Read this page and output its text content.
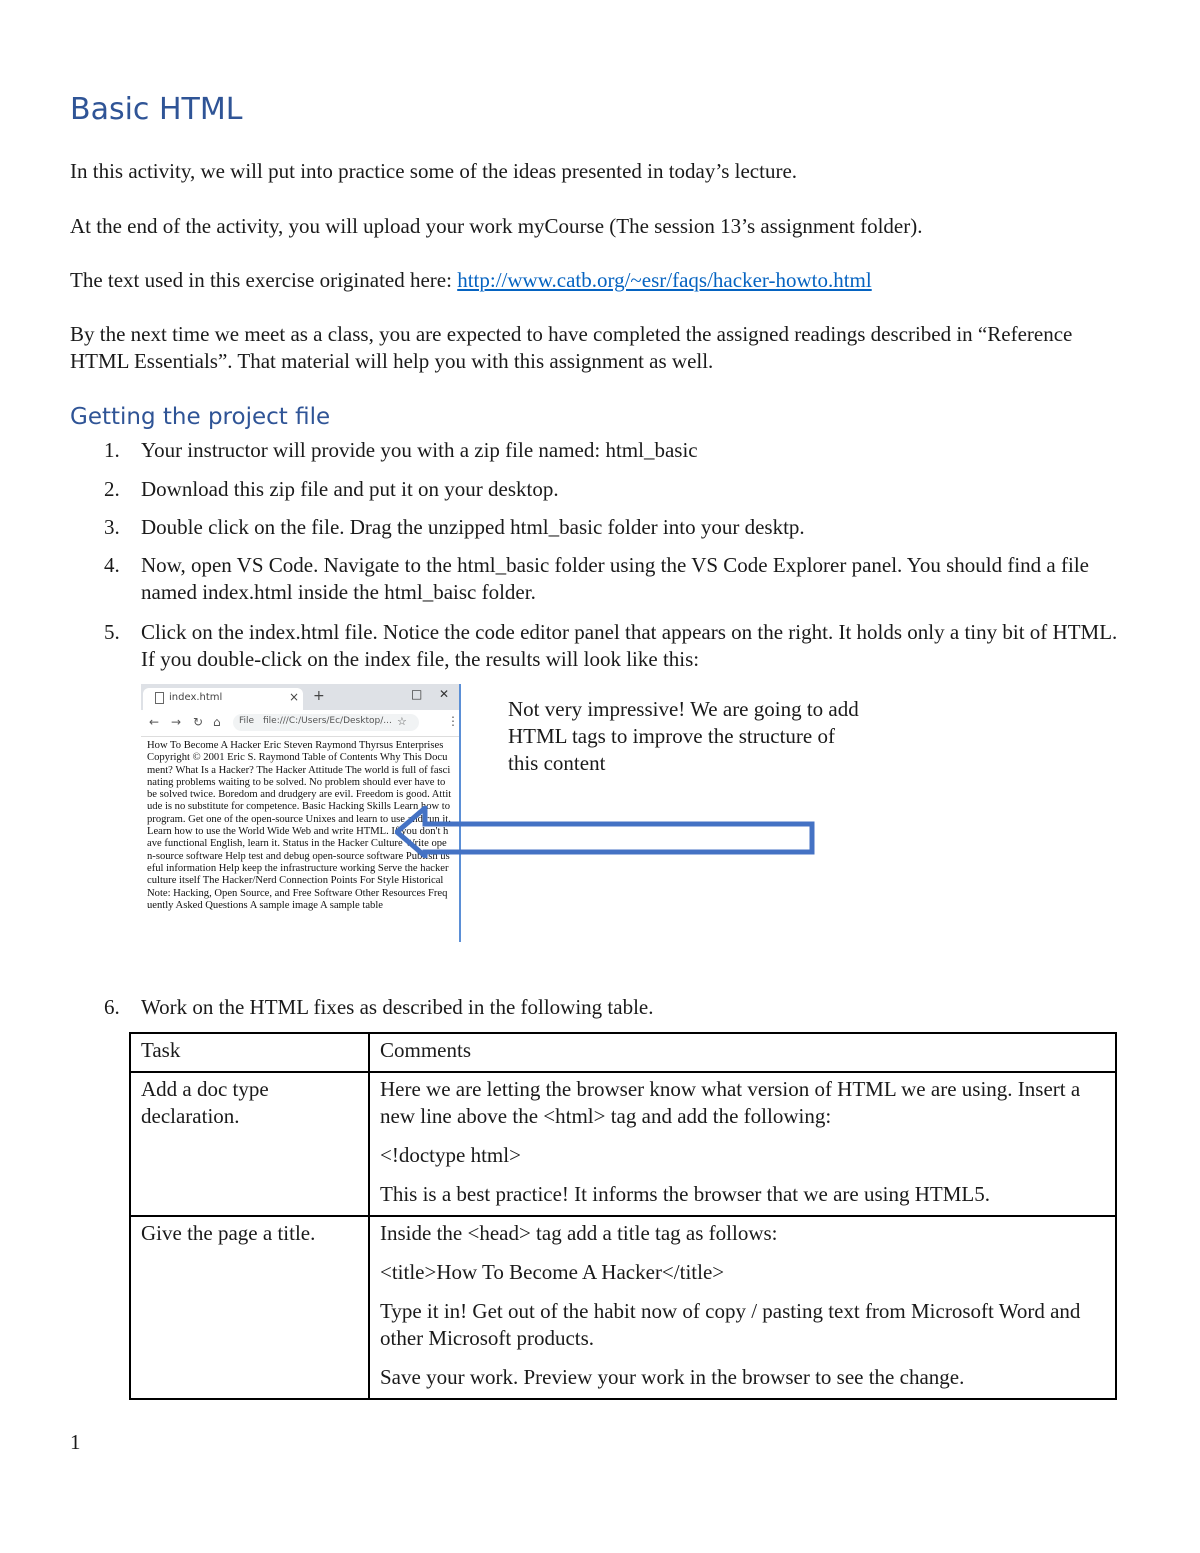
Basic HTML

In this activity, we will put into practice some of the ideas presented in today’s lecture.

At the end of the activity, you will upload your work myCourse (The session 13’s assignment folder).

The text used in this exercise originated here: http://www.catb.org/~esr/faqs/hacker-howto.html

By the next time we meet as a class, you are expected to have completed the assigned readings described in “Reference HTML Essentials”. That material will help you with this assignment as well.

Getting the project file
1.	Your instructor will provide you with a zip file named: html_basic
2.	Download this zip file and put it on your desktop.
3.	Double click on the file. Drag the unzipped html_basic folder into your desktp.
4.	Now, open VS Code. Navigate to the html_basic folder using the VS Code Explorer panel. You should find a file named index.html inside the html_baisc folder.
5.	Click on the index.html file. Notice the code editor panel that appears on the right. It holds only a tiny bit of HTML. If you double-click on the index file, the results will look like this:
6.	Work on the HTML fixes as described in the following table.
index.html	× +	□ ✕
← → ↻ ⌂ File file:///C:/Users/Ec/Desktop/... ☆	⋮
How To Become A Hacker Eric Steven Raymond Thyrsus Enterprises Copyright © 2001 Eric S. Raymond Table of Contents Why This Document? What Is a Hacker? The Hacker Attitude The world is full of fascinating problems waiting to be solved. No problem should ever have to be solved twice. Boredom and drudgery are evil. Freedom is good. Attitude is no substitute for competence. Basic Hacking Skills Learn how to program. Get one of the open-source Unixes and learn to use and run it. Learn how to use the World Wide Web and write HTML. If you don't have functional English, learn it. Status in the Hacker Culture Write open-source software Help test and debug open-source software Publish useful information Help keep the infrastructure working Serve the hacker culture itself The Hacker/Nerd Connection Points For Style Historical Note: Hacking, Open Source, and Free Software Other Resources Frequently Asked Questions A sample image A sample table

Not very impressive! We are going to add HTML tags to improve the structure of this content

Task	Comments
Add a doc type declaration.	Here we are letting the browser know what version of HTML we are using. Insert a new line above the <html> tag and add the following:

<!doctype html>

This is a best practice! It informs the browser that we are using HTML5.

Give the page a title.	Inside the <head> tag add a title tag as follows:

<title>How To Become A Hacker</title>

Type it in! Get out of the habit now of copy / pasting text from Microsoft Word and other Microsoft products.

Save your work. Preview your work in the browser to see the change.

1
